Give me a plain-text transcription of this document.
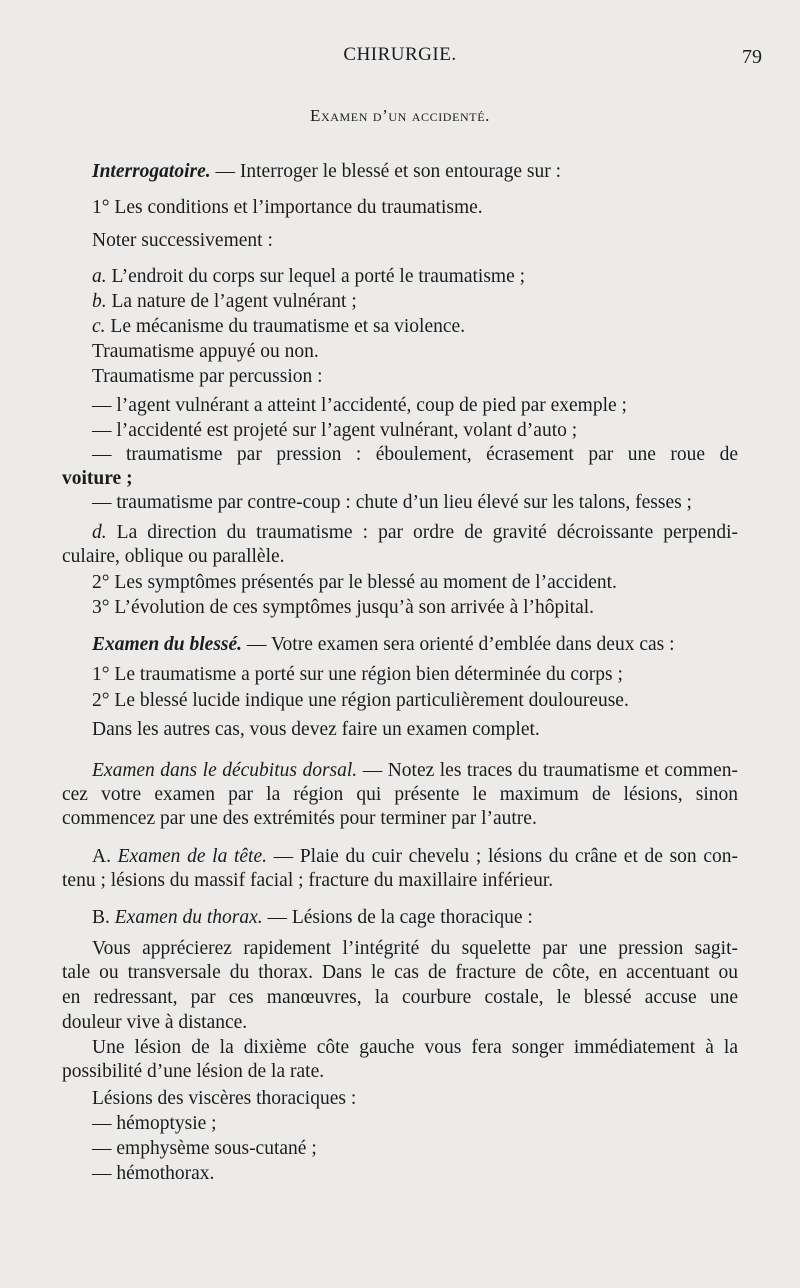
CHIRURGIE.	79
Examen d’un accidenté.
Interrogatoire. — Interroger le blessé et son entourage sur :
1° Les conditions et l’importance du traumatisme.
Noter successivement :
a. L’endroit du corps sur lequel a porté le traumatisme ;
b. La nature de l’agent vulnérant ;
c. Le mécanisme du traumatisme et sa violence.
Traumatisme appuyé ou non.
Traumatisme par percussion :
— l’agent vulnérant a atteint l’accidenté, coup de pied par exemple ;
— l’accidenté est projeté sur l’agent vulnérant, volant d’auto ;
— traumatisme par pression : éboulement, écrasement par une roue de
voiture ;
— traumatisme par contre-coup : chute d’un lieu élevé sur les talons, fesses ;
d. La direction du traumatisme : par ordre de gravité décroissante perpendi-
culaire, oblique ou parallèle.
2° Les symptômes présentés par le blessé au moment de l’accident.
3° L’évolution de ces symptômes jusqu’à son arrivée à l’hôpital.
Examen du blessé. — Votre examen sera orienté d’emblée dans deux cas :
1° Le traumatisme a porté sur une région bien déterminée du corps ;
2° Le blessé lucide indique une région particulièrement douloureuse.
Dans les autres cas, vous devez faire un examen complet.
Examen dans le décubitus dorsal. — Notez les traces du traumatisme et commen-
cez votre examen par la région qui présente le maximum de lésions, sinon
commencez par une des extrémités pour terminer par l’autre.
A. Examen de la tête. — Plaie du cuir chevelu ; lésions du crâne et de son con-
tenu ; lésions du massif facial ; fracture du maxillaire inférieur.
B. Examen du thorax. — Lésions de la cage thoracique :
Vous apprécierez rapidement l’intégrité du squelette par une pression sagit-
tale ou transversale du thorax. Dans le cas de fracture de côte, en accentuant ou
en redressant, par ces manœuvres, la courbure costale, le blessé accuse une
douleur vive à distance.
Une lésion de la dixième côte gauche vous fera songer immédiatement à la
possibilité d’une lésion de la rate.
Lésions des viscères thoraciques :
— hémoptysie ;
— emphysème sous-cutané ;
— hémothorax.
